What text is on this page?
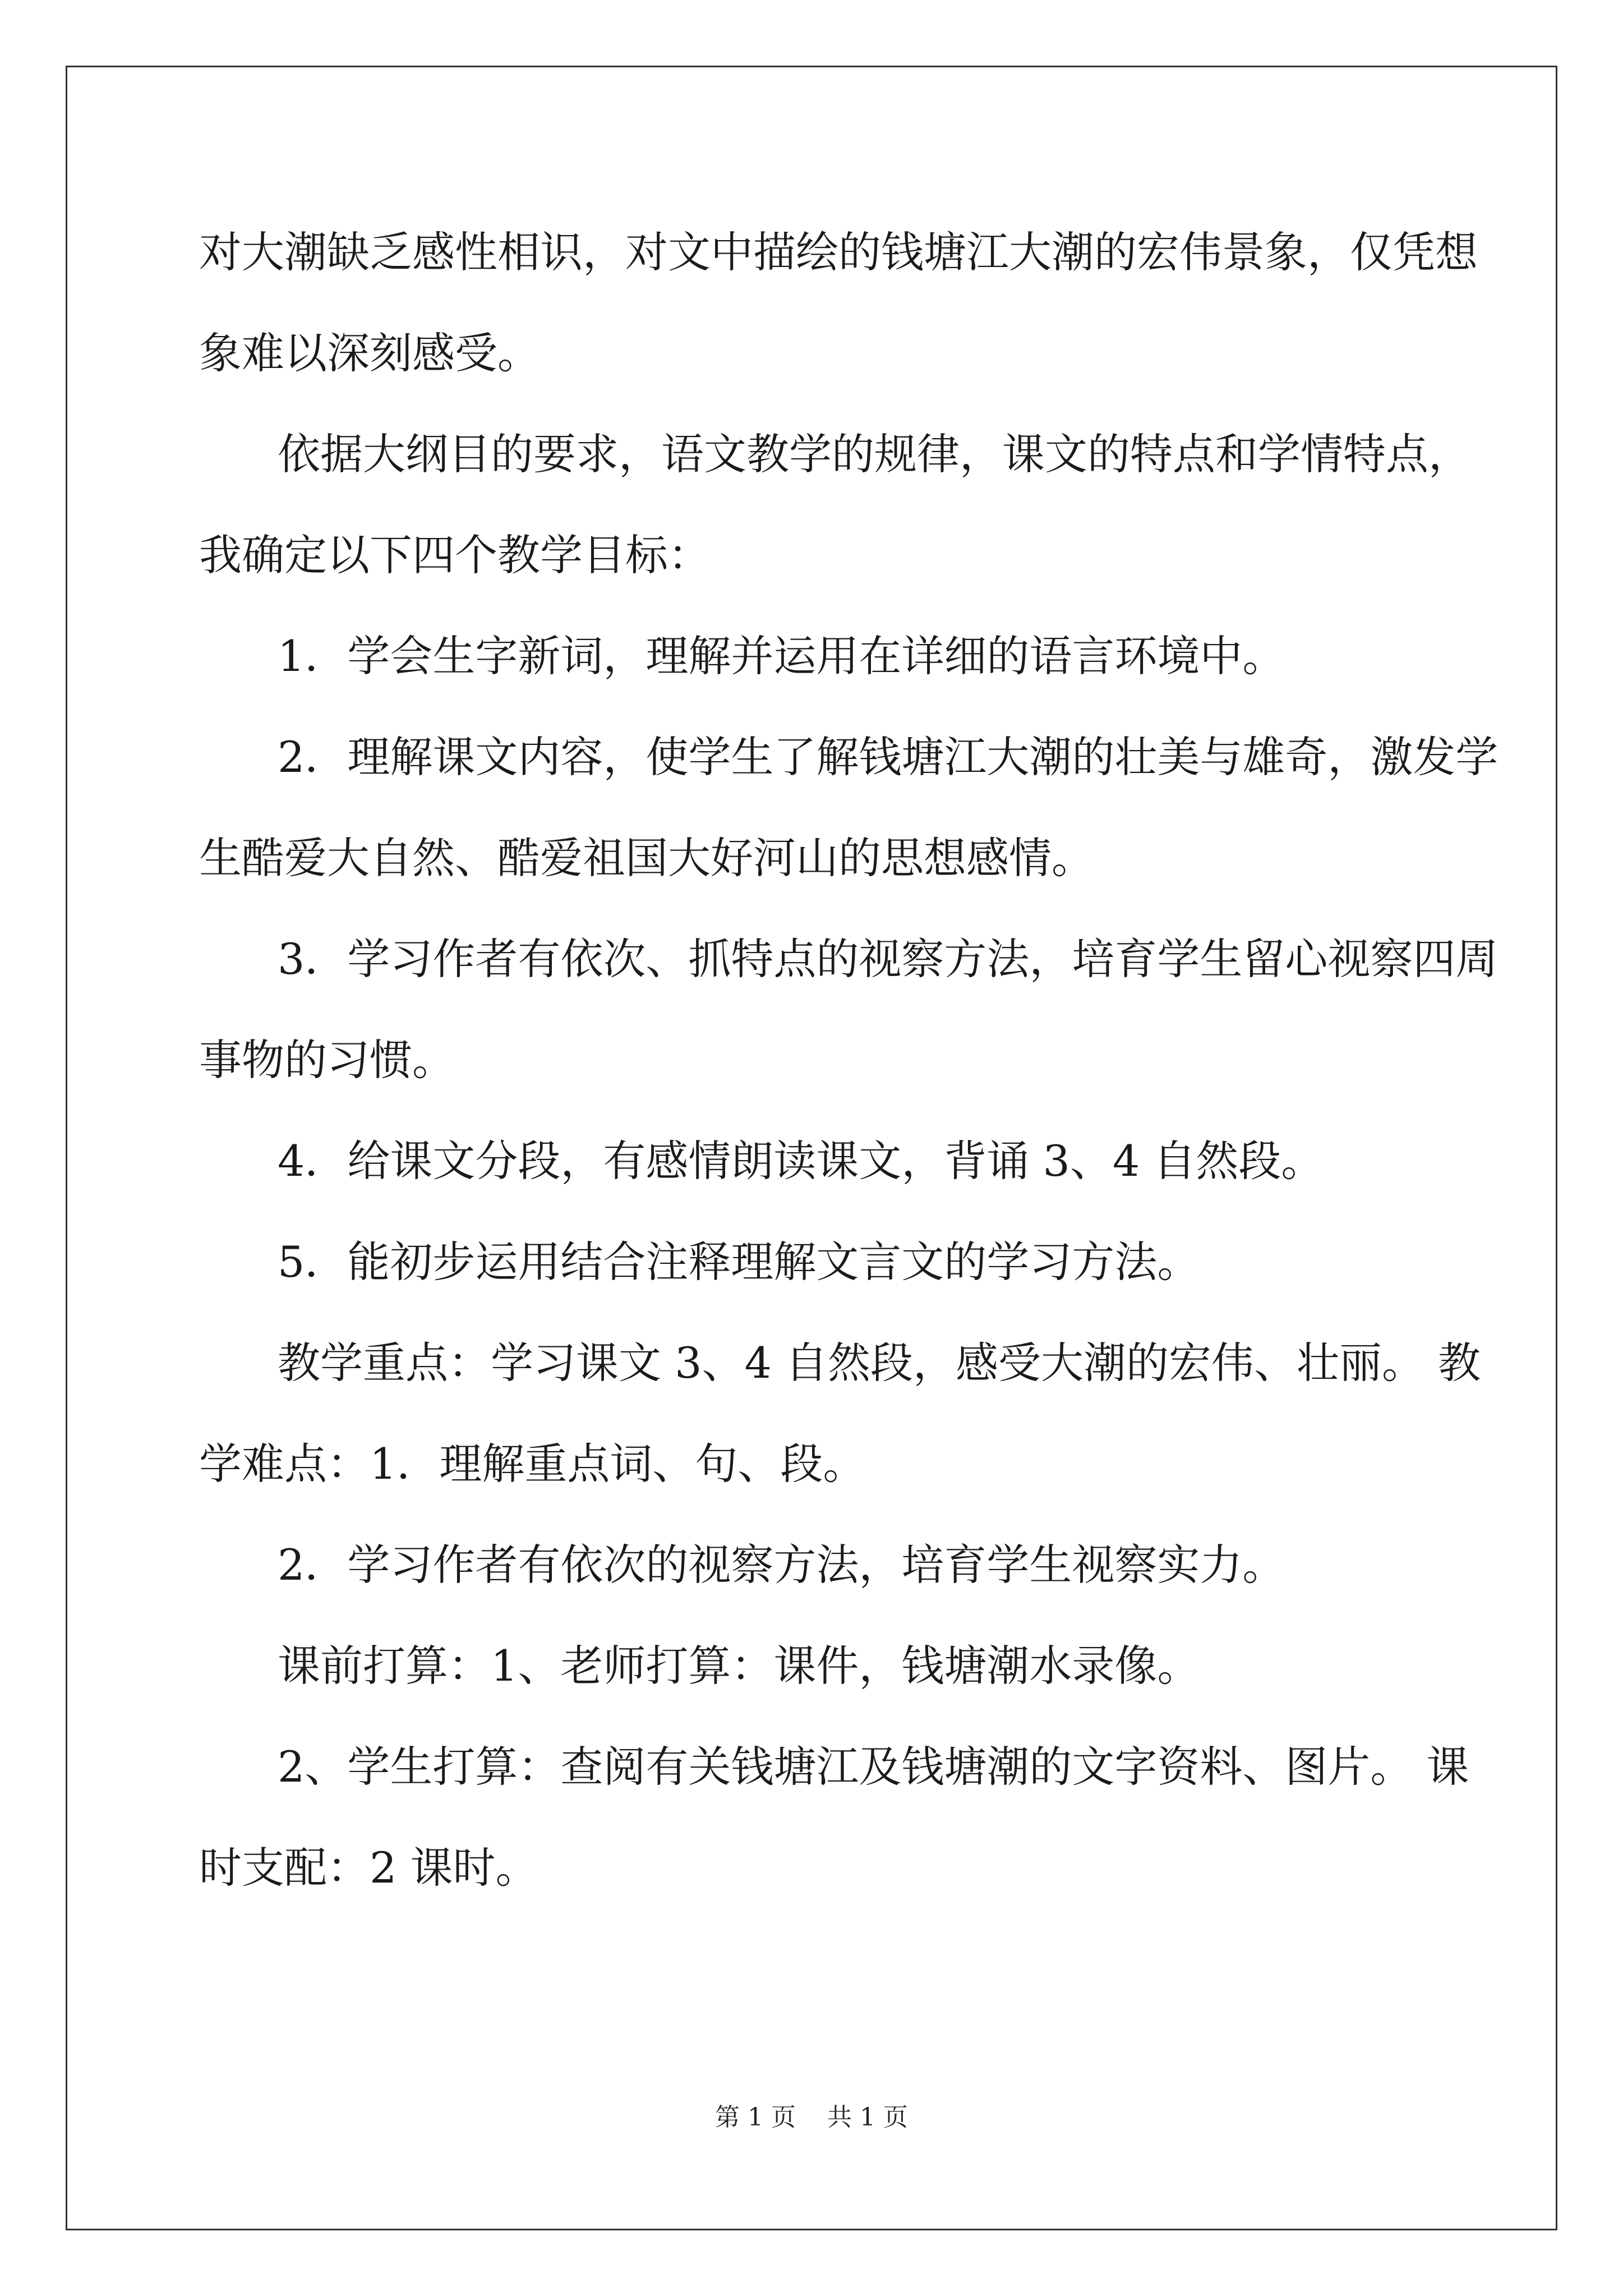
对大潮缺乏感性相识，对文中描绘的钱塘江大潮的宏伟景象，仅凭想

象难以深刻感受。

依据大纲目的要求，语文教学的规律，课文的特点和学情特点，

我确定以下四个教学目标：

1．学会生字新词，理解并运用在详细的语言环境中。

2．理解课文内容，使学生了解钱塘江大潮的壮美与雄奇，激发学

生酷爱大自然、酷爱祖国大好河山的思想感情。

3．学习作者有依次、抓特点的视察方法，培育学生留心视察四周

事物的习惯。

4．给课文分段，有感情朗读课文，背诵 3、4 自然段。

5．能初步运用结合注释理解文言文的学习方法。

教学重点：学习课文 3、4 自然段，感受大潮的宏伟、壮丽。 教

学难点：1．理解重点词、句、段。

2．学习作者有依次的视察方法，培育学生视察实力。

课前打算：1、老师打算：课件，钱塘潮水录像。

2、学生打算：查阅有关钱塘江及钱塘潮的文字资料、图片。 课

时支配：2 课时。

第 1 页    共 1 页
